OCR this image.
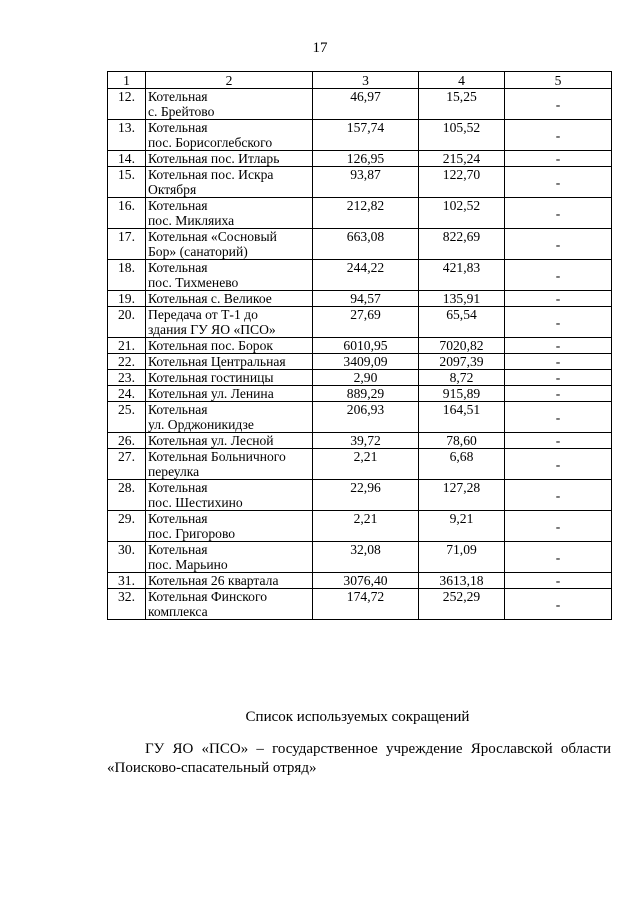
17
1	2	3	4	5
12.	Котельная
с. Брейтово	46,97	15,25	-
13.	Котельная
пос. Борисоглебского	157,74	105,52	-
14.	Котельная пос. Итларь	126,95	215,24	-
15.	Котельная пос. Искра
Октября	93,87	122,70	-
16.	Котельная
пос. Микляиха	212,82	102,52	-
17.	Котельная «Сосновый
Бор» (санаторий)	663,08	822,69	-
18.	Котельная
пос. Тихменево	244,22	421,83	-
19.	Котельная с. Великое	94,57	135,91	-
20.	Передача от Т-1 до
здания ГУ ЯО «ПСО»	27,69	65,54	-
21.	Котельная пос. Борок	6010,95	7020,82	-
22.	Котельная Центральная	3409,09	2097,39	-
23.	Котельная гостиницы	2,90	8,72	-
24.	Котельная ул. Ленина	889,29	915,89	-
25.	Котельная
ул. Орджоникидзе	206,93	164,51	-
26.	Котельная ул. Лесной	39,72	78,60	-
27.	Котельная Больничного
переулка	2,21	6,68	-
28.	Котельная
пос. Шестихино	22,96	127,28	-
29.	Котельная
пос. Григорово	2,21	9,21	-
30.	Котельная
пос. Марьино	32,08	71,09	-
31.	Котельная 26 квартала	3076,40	3613,18	-
32.	Котельная Финского
комплекса	174,72	252,29	-
Список используемых сокращений
ГУ ЯО «ПСО» – государственное учреждение Ярославской области
«Поисково-спасательный отряд»
